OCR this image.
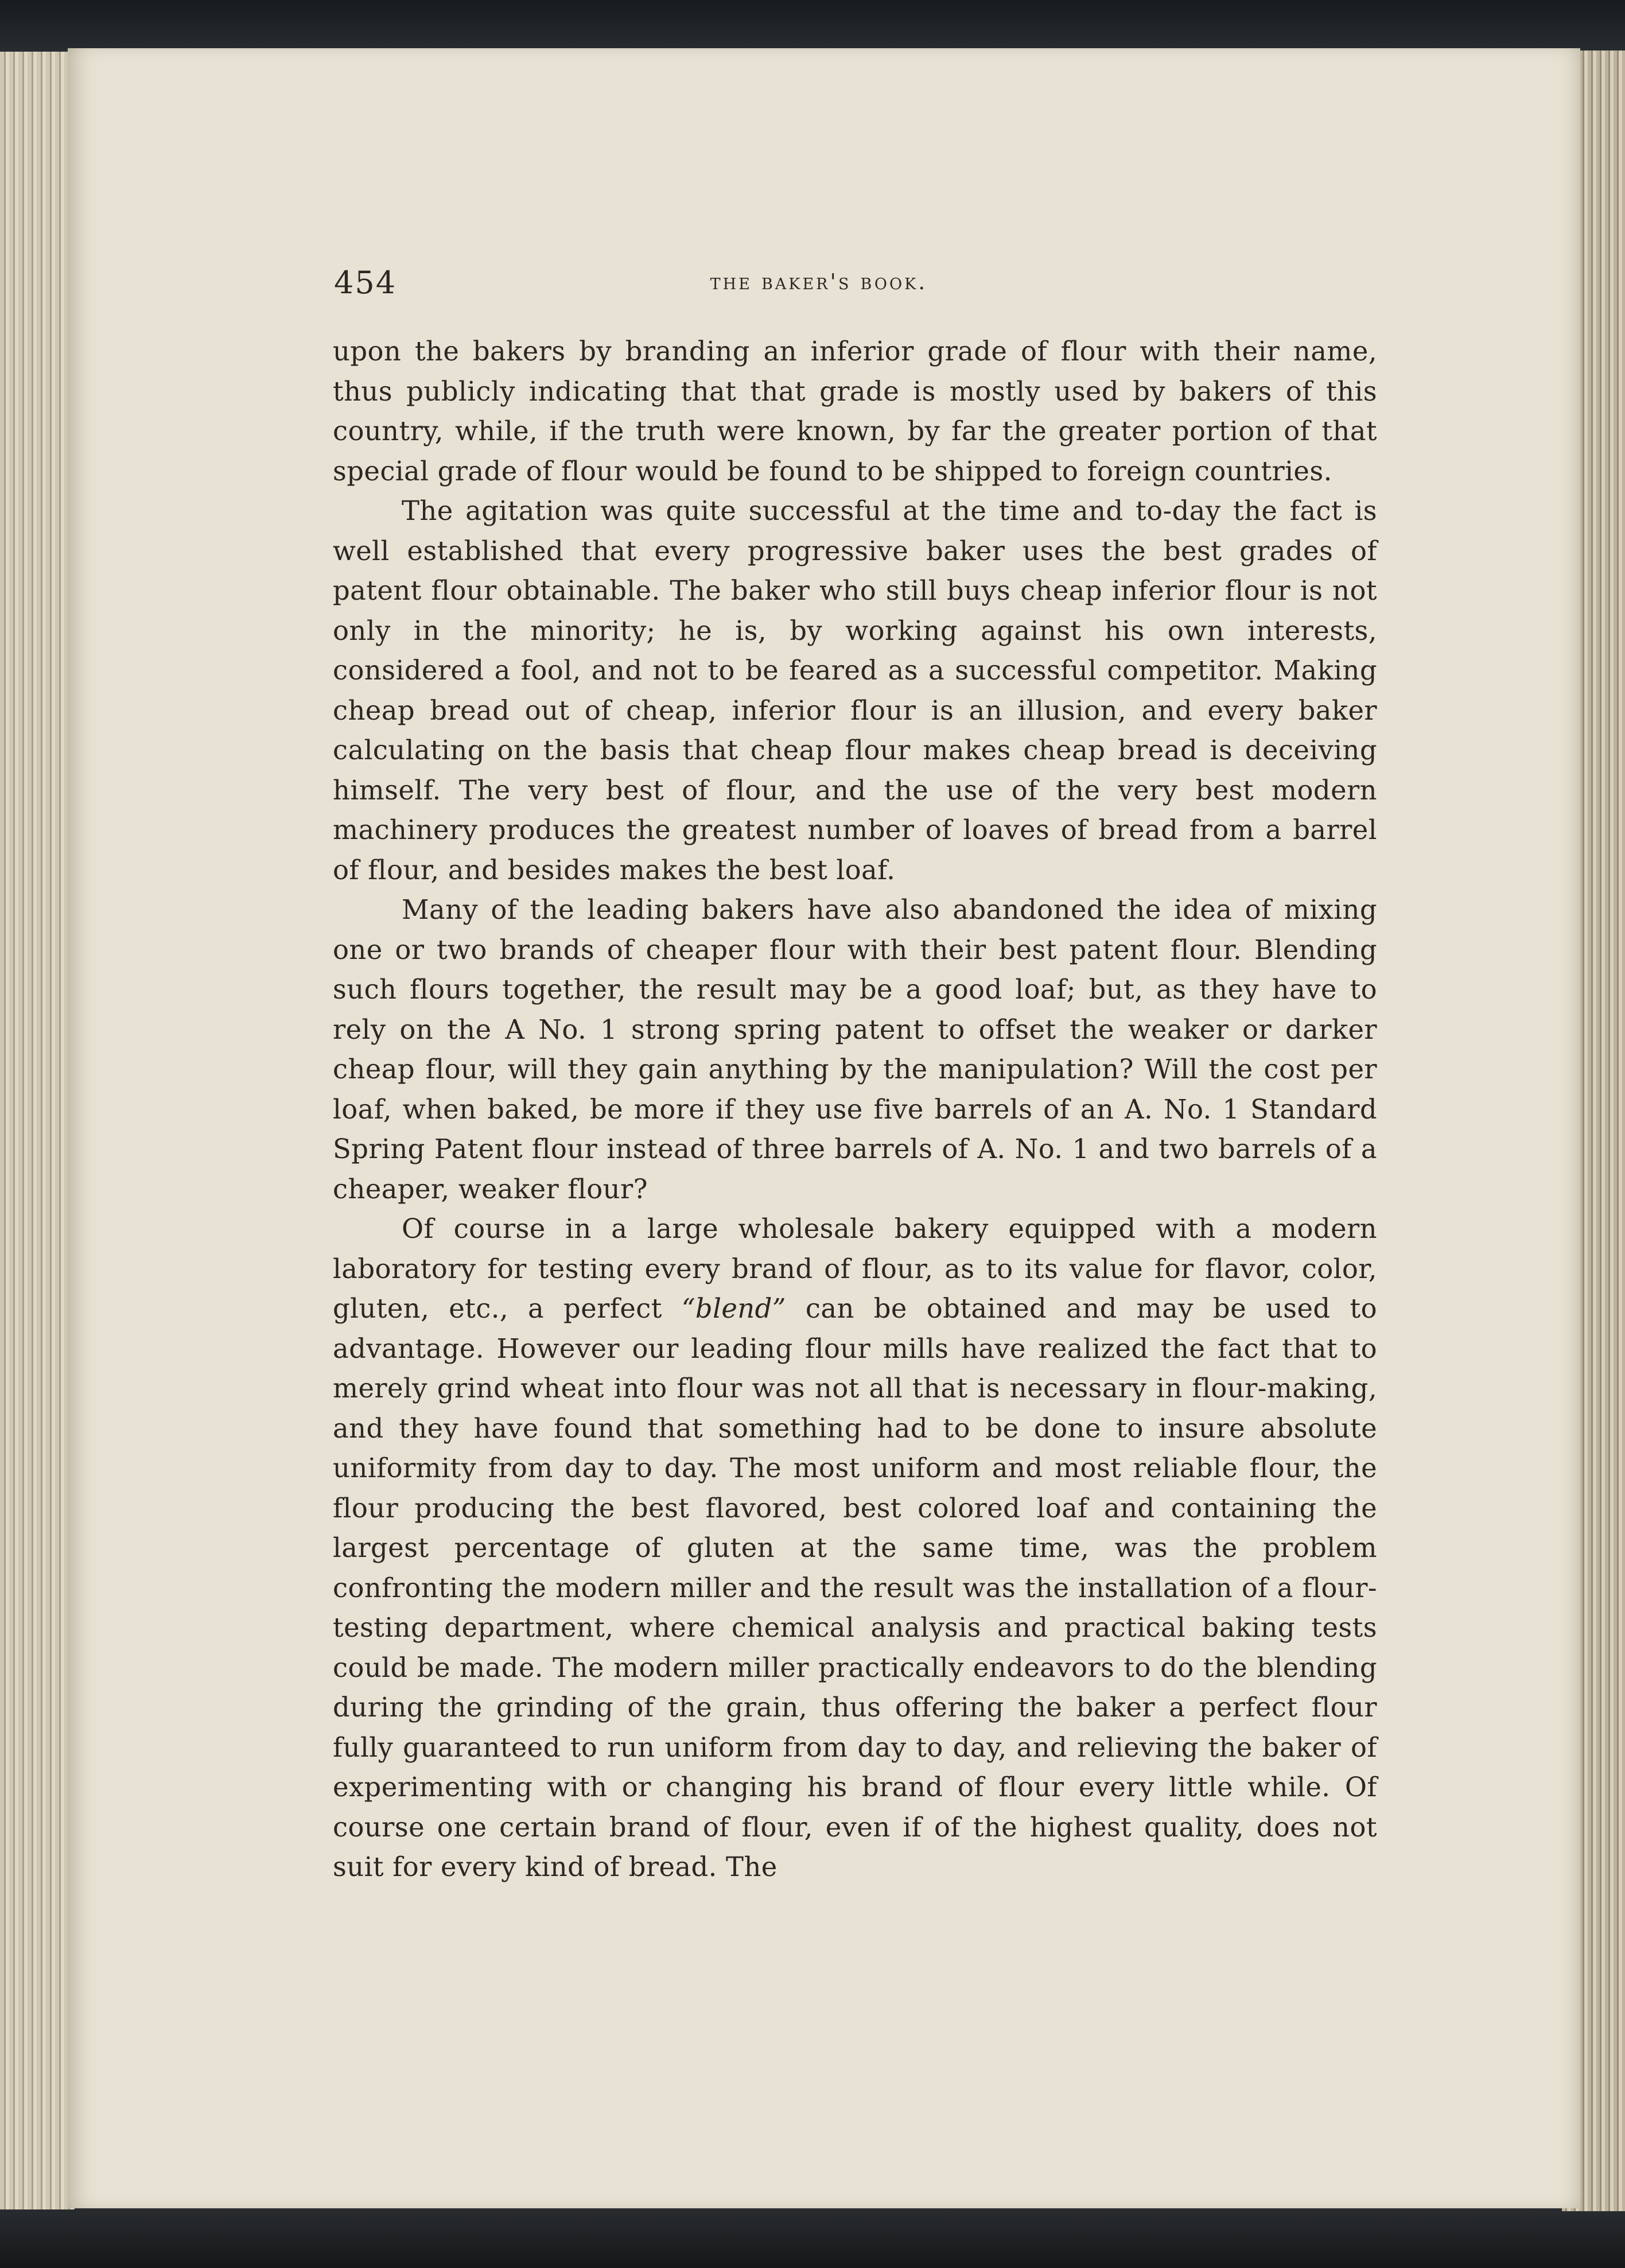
454	the baker's book.

upon the bakers by branding an inferior grade of flour with their name, thus publicly indicating that that grade is mostly used by bakers of this country, while, if the truth were known, by far the greater portion of that special grade of flour would be found to be shipped to foreign countries.

The agitation was quite successful at the time and to-day the fact is well established that every progressive baker uses the best grades of patent flour obtainable. The baker who still buys cheap inferior flour is not only in the minority; he is, by working against his own interests, considered a fool, and not to be feared as a successful competitor. Making cheap bread out of cheap, inferior flour is an illusion, and every baker calculating on the basis that cheap flour makes cheap bread is deceiving himself. The very best of flour, and the use of the very best modern machinery produces the greatest number of loaves of bread from a barrel of flour, and besides makes the best loaf.

Many of the leading bakers have also abandoned the idea of mixing one or two brands of cheaper flour with their best patent flour. Blending such flours together, the result may be a good loaf; but, as they have to rely on the A No. 1 strong spring patent to offset the weaker or darker cheap flour, will they gain anything by the manipulation? Will the cost per loaf, when baked, be more if they use five barrels of an A. No. 1 Standard Spring Patent flour instead of three barrels of A. No. 1 and two barrels of a cheaper, weaker flour?

Of course in a large wholesale bakery equipped with a modern laboratory for testing every brand of flour, as to its value for flavor, color, gluten, etc., a perfect “blend” can be obtained and may be used to advantage. However our leading flour mills have realized the fact that to merely grind wheat into flour was not all that is necessary in flour-making, and they have found that something had to be done to insure absolute uniformity from day to day. The most uniform and most reliable flour, the flour producing the best flavored, best colored loaf and containing the largest percentage of gluten at the same time, was the problem confronting the modern miller and the result was the installation of a flour-testing department, where chemical analysis and practical baking tests could be made. The modern miller practically endeavors to do the blending during the grinding of the grain, thus offering the baker a perfect flour fully guaranteed to run uniform from day to day, and relieving the baker of experimenting with or changing his brand of flour every little while. Of course one certain brand of flour, even if of the highest quality, does not suit for every kind of bread. The
